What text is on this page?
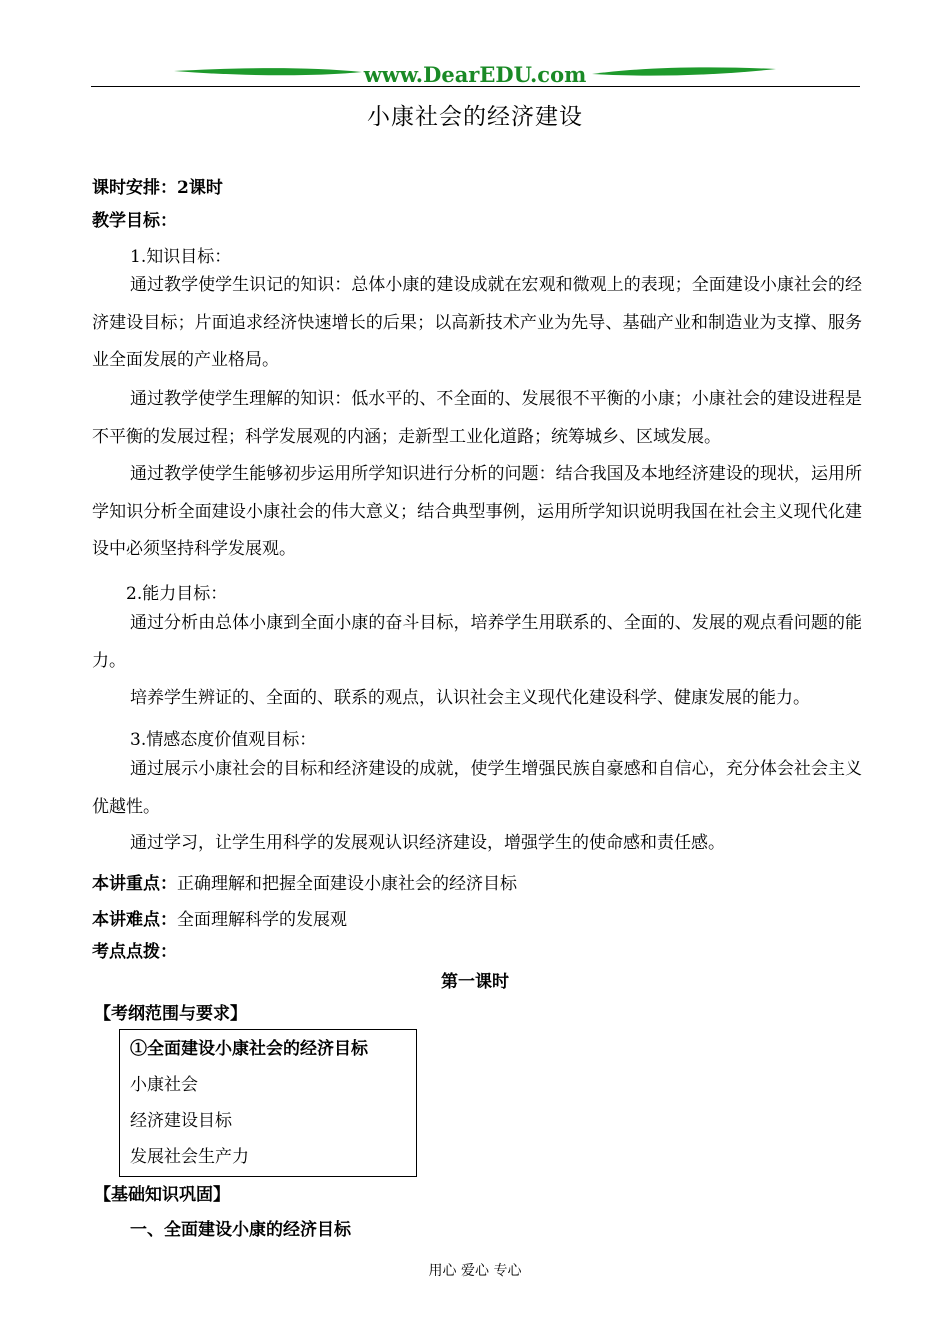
www.DearEDU.com
小康社会的经济建设
课时安排：2课时
教学目标：
1.知识目标：
通过教学使学生识记的知识：总体小康的建设成就在宏观和微观上的表现；全面建设小康社会的经济建设目标；片面追求经济快速增长的后果；以高新技术产业为先导、基础产业和制造业为支撑、服务业全面发展的产业格局。
通过教学使学生理解的知识：低水平的、不全面的、发展很不平衡的小康；小康社会的建设进程是不平衡的发展过程；科学发展观的内涵；走新型工业化道路；统筹城乡、区域发展。
通过教学使学生能够初步运用所学知识进行分析的问题：结合我国及本地经济建设的现状，运用所学知识分析全面建设小康社会的伟大意义；结合典型事例，运用所学知识说明我国在社会主义现代化建设中必须坚持科学发展观。
2.能力目标：
通过分析由总体小康到全面小康的奋斗目标，培养学生用联系的、全面的、发展的观点看问题的能力。
培养学生辨证的、全面的、联系的观点，认识社会主义现代化建设科学、健康发展的能力。
3.情感态度价值观目标：
通过展示小康社会的目标和经济建设的成就，使学生增强民族自豪感和自信心，充分体会社会主义优越性。
通过学习，让学生用科学的发展观认识经济建设，增强学生的使命感和责任感。
本讲重点：正确理解和把握全面建设小康社会的经济目标
本讲难点：全面理解科学的发展观
考点点拨：
第一课时
【考纲范围与要求】
①全面建设小康社会的经济目标
小康社会
经济建设目标
发展社会生产力
【基础知识巩固】
一、全面建设小康的经济目标
用心 爱心 专心
